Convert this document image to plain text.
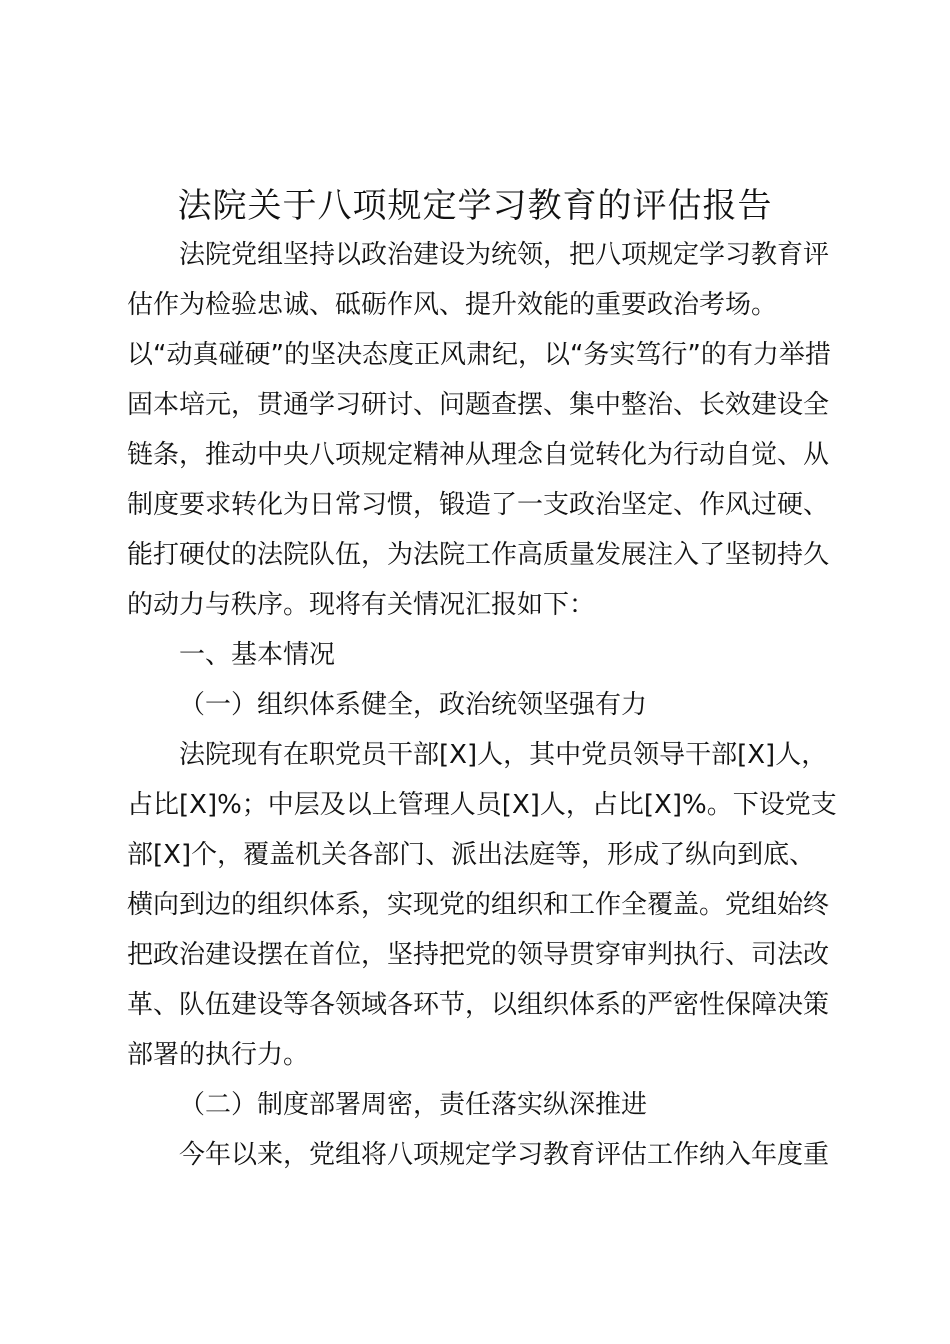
法院关于八项规定学习教育的评估报告

法院党组坚持以政治建设为统领，把八项规定学习教育评估作为检验忠诚、砥砺作风、提升效能的重要政治考场。以“动真碰硬”的坚决态度正风肃纪，以“务实笃行”的有力举措固本培元，贯通学习研讨、问题查摆、集中整治、长效建设全链条，推动中央八项规定精神从理念自觉转化为行动自觉、从制度要求转化为日常习惯，锻造了一支政治坚定、作风过硬、能打硬仗的法院队伍，为法院工作高质量发展注入了坚韧持久的动力与秩序。现将有关情况汇报如下：

一、基本情况

（一）组织体系健全，政治统领坚强有力

法院现有在职党员干部[X]人，其中党员领导干部[X]人，占比[X]%；中层及以上管理人员[X]人，占比[X]%。下设党支部[X]个，覆盖机关各部门、派出法庭等，形成了纵向到底、横向到边的组织体系，实现党的组织和工作全覆盖。党组始终把政治建设摆在首位，坚持把党的领导贯穿审判执行、司法改革、队伍建设等各领域各环节，以组织体系的严密性保障决策部署的执行力。

（二）制度部署周密，责任落实纵深推进

今年以来，党组将八项规定学习教育评估工作纳入年度重
